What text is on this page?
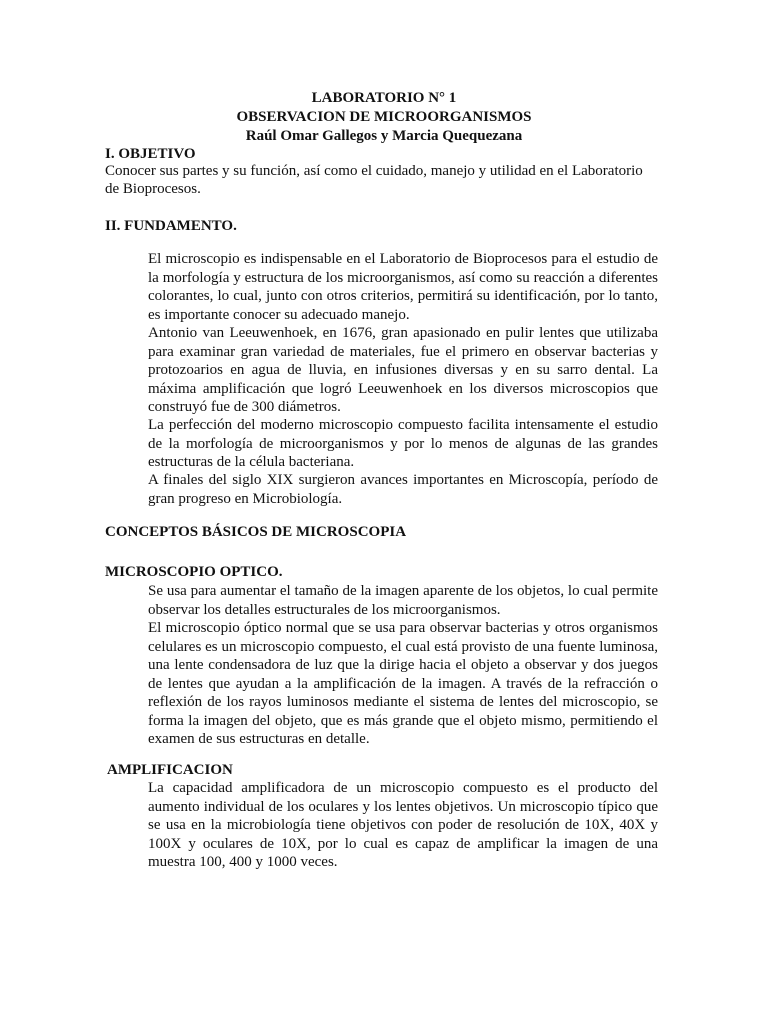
LABORATORIO N° 1
OBSERVACION DE MICROORGANISMOS
Raúl Omar Gallegos y Marcia Quequezana
I. OBJETIVO
Conocer sus partes y su función, así como el cuidado, manejo y utilidad en el Laboratorio
de Bioprocesos.
II. FUNDAMENTO.

El microscopio es indispensable en el Laboratorio de Bioprocesos para el estudio de la morfología y estructura de los microorganismos, así como su reacción a diferentes colorantes, lo cual, junto con otros criterios, permitirá su identificación, por lo tanto, es importante conocer su adecuado manejo.

Antonio van Leeuwenhoek, en 1676, gran apasionado en pulir lentes que utilizaba para examinar gran variedad de materiales, fue el primero en observar bacterias y protozoarios en agua de lluvia, en infusiones diversas y en su sarro dental. La máxima amplificación que logró Leeuwenhoek en los diversos microscopios que construyó fue de 300 diámetros.

La perfección del moderno microscopio compuesto facilita intensamente el estudio de la morfología de microorganismos y por lo menos de algunas de las grandes estructuras de la célula bacteriana.

A finales del siglo XIX surgieron avances importantes en Microscopía, período de gran progreso en Microbiología.

CONCEPTOS BÁSICOS DE MICROSCOPIA
MICROSCOPIO OPTICO.

Se usa para aumentar el tamaño de la imagen aparente de los objetos, lo cual permite observar los detalles estructurales de los microorganismos.

El microscopio óptico normal que se usa para observar bacterias y otros organismos celulares es un microscopio compuesto, el cual está provisto de una fuente luminosa, una lente condensadora de luz que la dirige hacia el objeto a observar y dos juegos de lentes que ayudan a la amplificación de la imagen. A través de la refracción o reflexión de los rayos luminosos mediante el sistema de lentes del microscopio, se forma la imagen del objeto, que es más grande que el objeto mismo, permitiendo el examen de sus estructuras en detalle.

AMPLIFICACION

La capacidad amplificadora de un microscopio compuesto es el producto del aumento individual de los oculares y los lentes objetivos. Un microscopio típico que se usa en la microbiología tiene objetivos con poder de resolución de 10X, 40X y 100X y oculares de 10X, por lo cual es capaz de amplificar la imagen de una muestra 100, 400 y 1000 veces.
